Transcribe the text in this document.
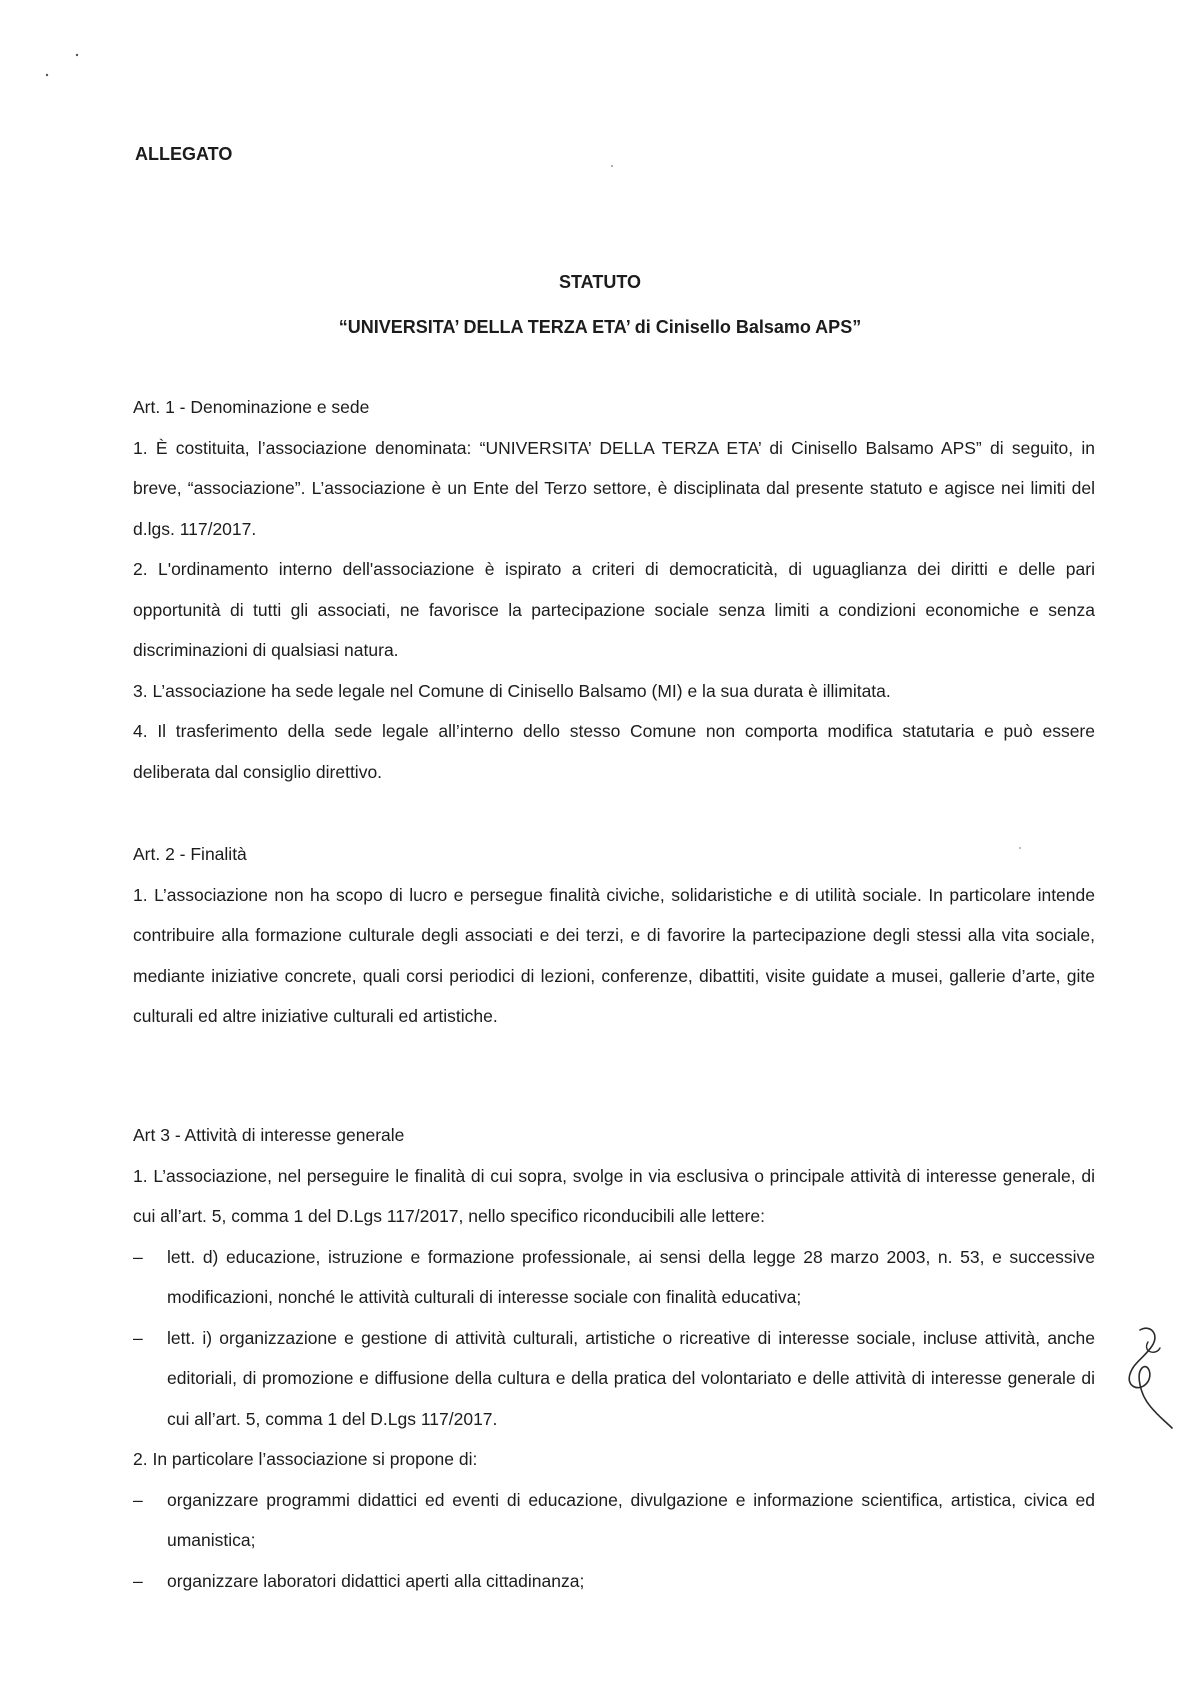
ALLEGATO
STATUTO
“UNIVERSITA’ DELLA TERZA ETA’ di Cinisello Balsamo APS”

Art. 1 - Denominazione e sede

1. È costituita, l’associazione denominata: “UNIVERSITA’ DELLA TERZA ETA’ di Cinisello Balsamo APS” di seguito, in breve, “associazione”. L’associazione è un Ente del Terzo settore, è disciplinata dal presente statuto e agisce nei limiti del d.lgs. 117/2017.

2. L'ordinamento interno dell'associazione è ispirato a criteri di democraticità, di uguaglianza dei diritti e delle pari opportunità di tutti gli associati, ne favorisce la partecipazione sociale senza limiti a condizioni economiche e senza discriminazioni di qualsiasi natura.

3. L’associazione ha sede legale nel Comune di Cinisello Balsamo (MI) e la sua durata è illimitata.

4. Il trasferimento della sede legale all’interno dello stesso Comune non comporta modifica statutaria e può essere deliberata dal consiglio direttivo.

Art. 2 - Finalità

1. L’associazione non ha scopo di lucro e persegue finalità civiche, solidaristiche e di utilità sociale. In particolare intende contribuire alla formazione culturale degli associati e dei terzi, e di favorire la partecipazione degli stessi alla vita sociale, mediante iniziative concrete, quali corsi periodici di lezioni, conferenze, dibattiti, visite guidate a musei, gallerie d’arte, gite culturali ed altre iniziative culturali ed artistiche.

Art 3 - Attività di interesse generale

1. L’associazione, nel perseguire le finalità di cui sopra, svolge in via esclusiva o principale attività di interesse generale, di cui all’art. 5, comma 1 del D.Lgs 117/2017, nello specifico riconducibili alle lettere:

– lett. d) educazione, istruzione e formazione professionale, ai sensi della legge 28 marzo 2003, n. 53, e successive modificazioni, nonché le attività culturali di interesse sociale con finalità educativa;
– lett. i) organizzazione e gestione di attività culturali, artistiche o ricreative di interesse sociale, incluse attività, anche editoriali, di promozione e diffusione della cultura e della pratica del volontariato e delle attività di interesse generale di cui all’art. 5, comma 1 del D.Lgs 117/2017.

2. In particolare l’associazione si propone di:

– organizzare programmi didattici ed eventi di educazione, divulgazione e informazione scientifica, artistica, civica ed umanistica;
– organizzare laboratori didattici aperti alla cittadinanza;
